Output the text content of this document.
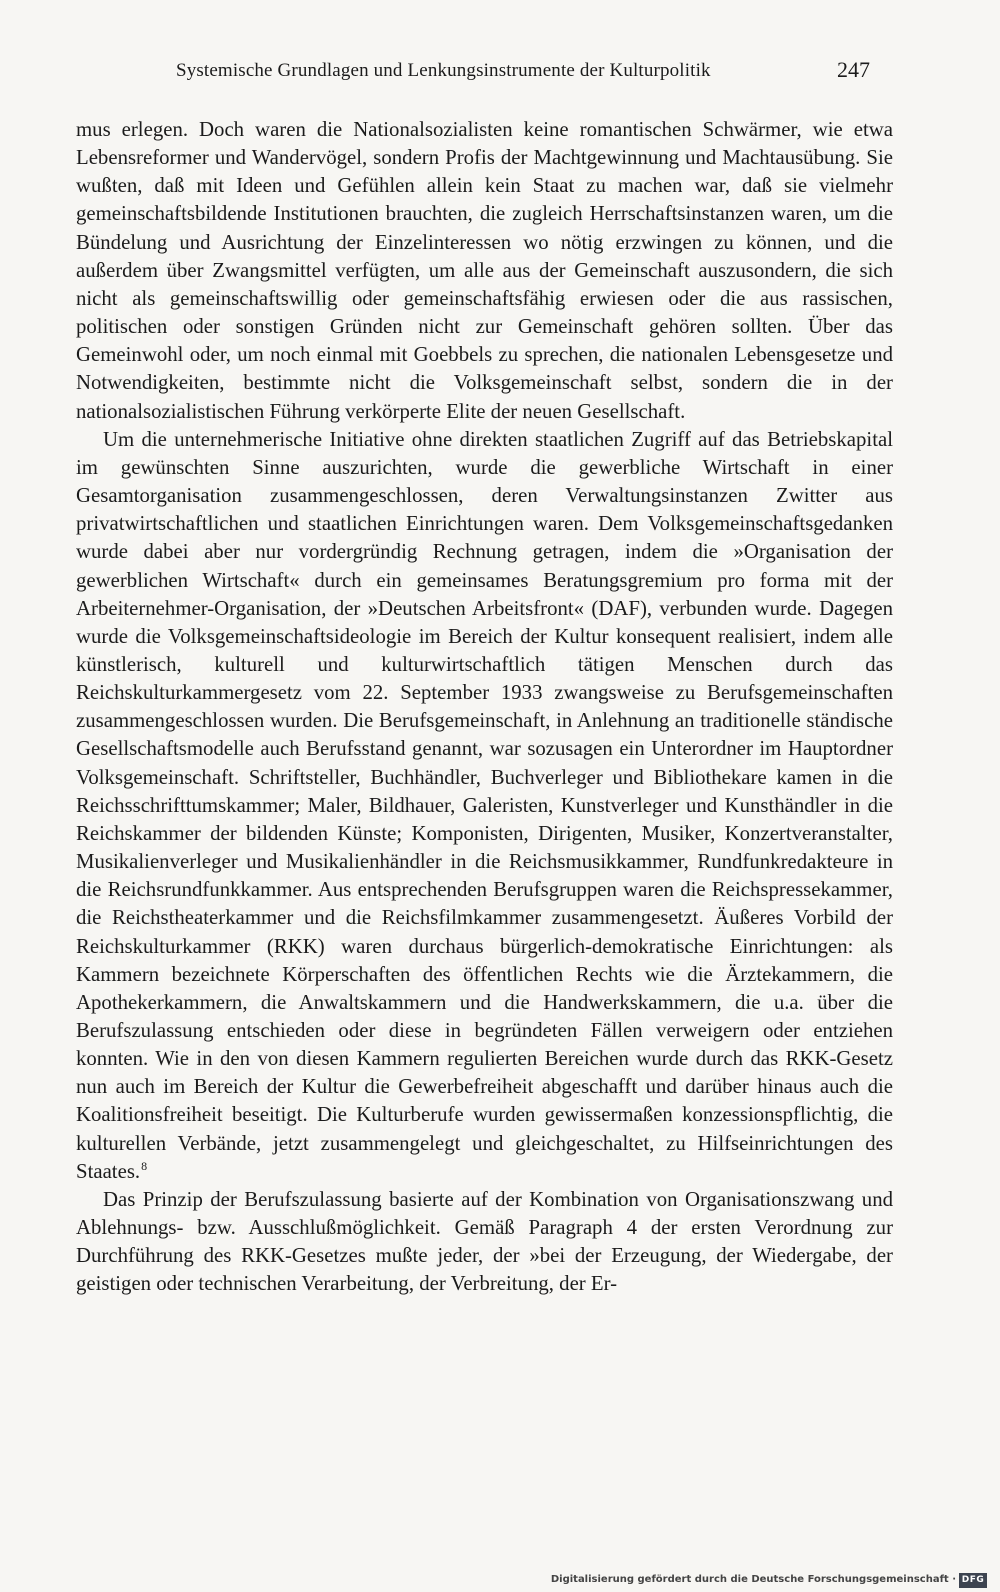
Systemische Grundlagen und Lenkungsinstrumente der Kulturpolitik	247

mus erlegen. Doch waren die Nationalsozialisten keine romantischen Schwärmer, wie etwa Lebensreformer und Wandervögel, sondern Profis der Machtgewinnung und Machtausübung. Sie wußten, daß mit Ideen und Gefühlen allein kein Staat zu machen war, daß sie vielmehr gemeinschaftsbildende Institutionen brauchten, die zugleich Herrschaftsinstanzen waren, um die Bündelung und Ausrichtung der Einzelinteressen wo nötig erzwingen zu können, und die außerdem über Zwangsmittel verfügten, um alle aus der Gemeinschaft auszusondern, die sich nicht als gemeinschaftswillig oder gemeinschaftsfähig erwiesen oder die aus rassischen, politischen oder sonstigen Gründen nicht zur Gemeinschaft gehören sollten. Über das Gemeinwohl oder, um noch einmal mit Goebbels zu sprechen, die nationalen Lebensgesetze und Notwendigkeiten, bestimmte nicht die Volksgemeinschaft selbst, sondern die in der nationalsozialistischen Führung verkörperte Elite der neuen Gesellschaft.

Um die unternehmerische Initiative ohne direkten staatlichen Zugriff auf das Betriebskapital im gewünschten Sinne auszurichten, wurde die gewerbliche Wirtschaft in einer Gesamtorganisation zusammengeschlossen, deren Verwaltungsinstanzen Zwitter aus privatwirtschaftlichen und staatlichen Einrichtungen waren. Dem Volksgemeinschaftsgedanken wurde dabei aber nur vordergründig Rechnung getragen, indem die »Organisation der gewerblichen Wirtschaft« durch ein gemeinsames Beratungsgremium pro forma mit der Arbeiternehmer-Organisation, der »Deutschen Arbeitsfront« (DAF), verbunden wurde. Dagegen wurde die Volksgemeinschaftsideologie im Bereich der Kultur konsequent realisiert, indem alle künstlerisch, kulturell und kulturwirtschaftlich tätigen Menschen durch das Reichskulturkammergesetz vom 22. September 1933 zwangsweise zu Berufsgemeinschaften zusammengeschlossen wurden. Die Berufsgemeinschaft, in Anlehnung an traditionelle ständische Gesellschaftsmodelle auch Berufsstand genannt, war sozusagen ein Unterordner im Hauptordner Volksgemeinschaft. Schriftsteller, Buchhändler, Buchverleger und Bibliothekare kamen in die Reichsschrifttumskammer; Maler, Bildhauer, Galeristen, Kunstverleger und Kunsthändler in die Reichskammer der bildenden Künste; Komponisten, Dirigenten, Musiker, Konzertveranstalter, Musikalienverleger und Musikalienhändler in die Reichsmusikkammer, Rundfunkredakteure in die Reichsrundfunkkammer. Aus entsprechenden Berufsgruppen waren die Reichspressekammer, die Reichstheaterkammer und die Reichsfilmkammer zusammengesetzt. Äußeres Vorbild der Reichskulturkammer (RKK) waren durchaus bürgerlich-demokratische Einrichtungen: als Kammern bezeichnete Körperschaften des öffentlichen Rechts wie die Ärztekammern, die Apothekerkammern, die Anwaltskammern und die Handwerkskammern, die u.a. über die Berufszulassung entschieden oder diese in begründeten Fällen verweigern oder entziehen konnten. Wie in den von diesen Kammern regulierten Bereichen wurde durch das RKK-Gesetz nun auch im Bereich der Kultur die Gewerbefreiheit abgeschafft und darüber hinaus auch die Koalitionsfreiheit beseitigt. Die Kulturberufe wurden gewissermaßen konzessionspflichtig, die kulturellen Verbände, jetzt zusammengelegt und gleichgeschaltet, zu Hilfseinrichtungen des Staates.$^8$

Das Prinzip der Berufszulassung basierte auf der Kombination von Organisationszwang und Ablehnungs- bzw. Ausschlußmöglichkeit. Gemäß Paragraph 4 der ersten Verordnung zur Durchführung des RKK-Gesetzes mußte jeder, der »bei der Erzeugung, der Wiedergabe, der geistigen oder technischen Verarbeitung, der Verbreitung, der Er-

Digitalisierung gefördert durch die Deutsche Forschungsgemeinschaft · DFG
